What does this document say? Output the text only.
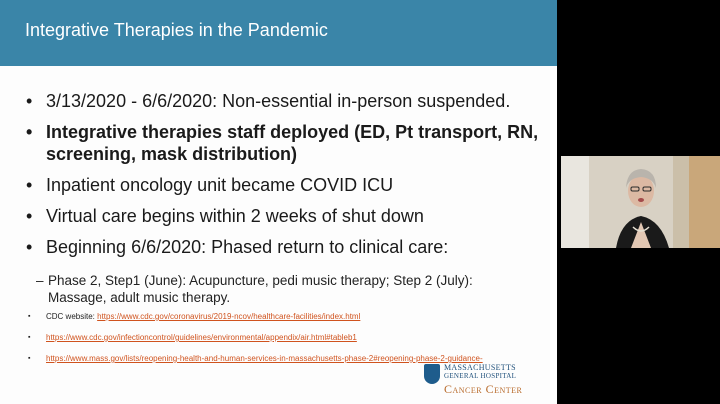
Integrative Therapies in the Pandemic
• 3/13/2020 - 6/6/2020: Non-essential in-person suspended.
• Integrative therapies staff deployed (ED, Pt transport, RN, screening, mask distribution)
• Inpatient oncology unit became COVID ICU
• Virtual care begins within 2 weeks of shut down
• Beginning 6/6/2020: Phased return to clinical care:
– Phase 2, Step1 (June): Acupuncture, pedi music therapy; Step 2 (July): Massage, adult music therapy.
▪ CDC website: https://www.cdc.gov/coronavirus/2019-ncov/healthcare-facilities/index.html
▪ https://www.cdc.gov/infectioncontrol/guidelines/environmental/appendix/air.html#tableb1
▪ https://www.mass.gov/lists/reopening-health-and-human-services-in-massachusetts-phase-2#reopening-phase-2-guidance-
MASSACHUSETTS
GENERAL HOSPITAL
Cancer Center
